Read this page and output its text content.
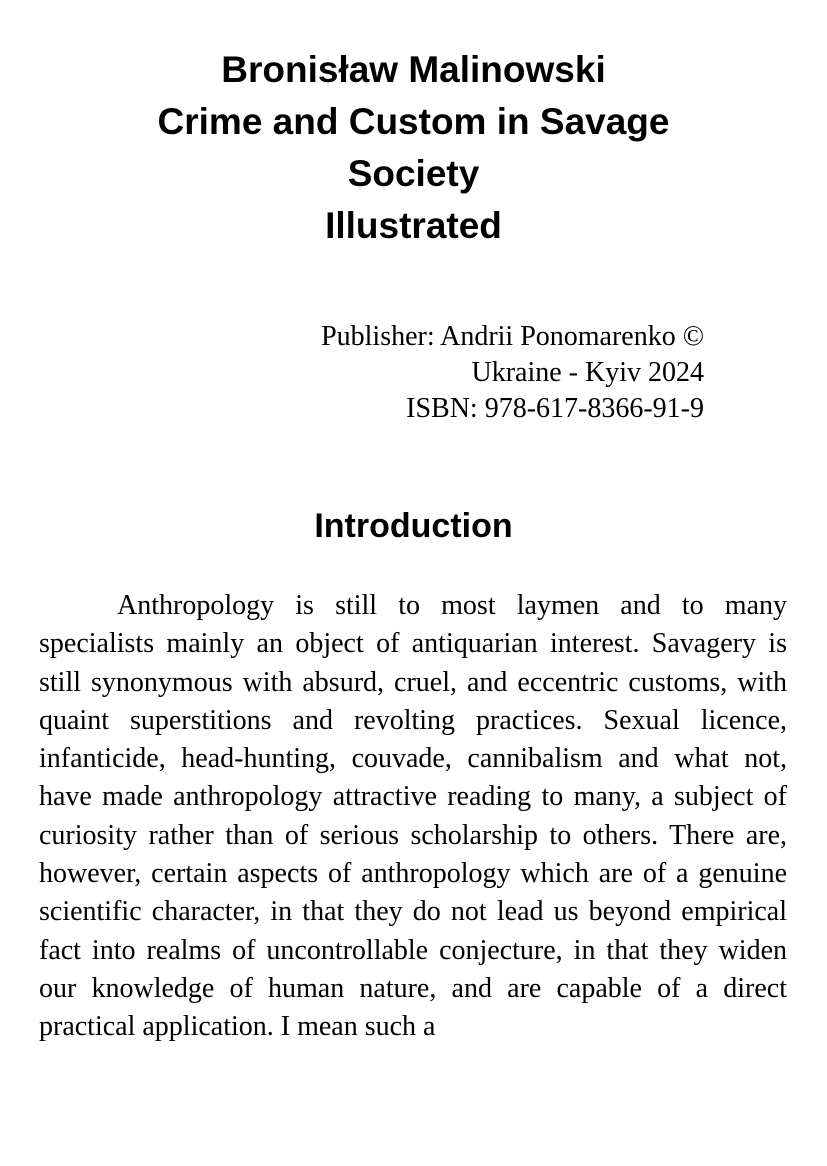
Bronisław Malinowski
Crime and Custom in Savage
Society
Illustrated
Publisher: Andrii Ponomarenko ©
Ukraine - Kyiv 2024
ISBN: 978-617-8366-91-9
Introduction

Anthropology is still to most laymen and to many specialists mainly an object of antiquarian interest. Savagery is still synonymous with absurd, cruel, and eccentric customs, with quaint superstitions and revolting practices. Sexual licence, infanticide, head-hunting, couvade, cannibalism and what not, have made anthropology attractive reading to many, a subject of curiosity rather than of serious scholarship to others. There are, however, certain aspects of anthropology which are of a genuine scientific character, in that they do not lead us beyond empirical fact into realms of uncontrollable conjecture, in that they widen our knowledge of human nature, and are capable of a direct practical application. I mean such a
